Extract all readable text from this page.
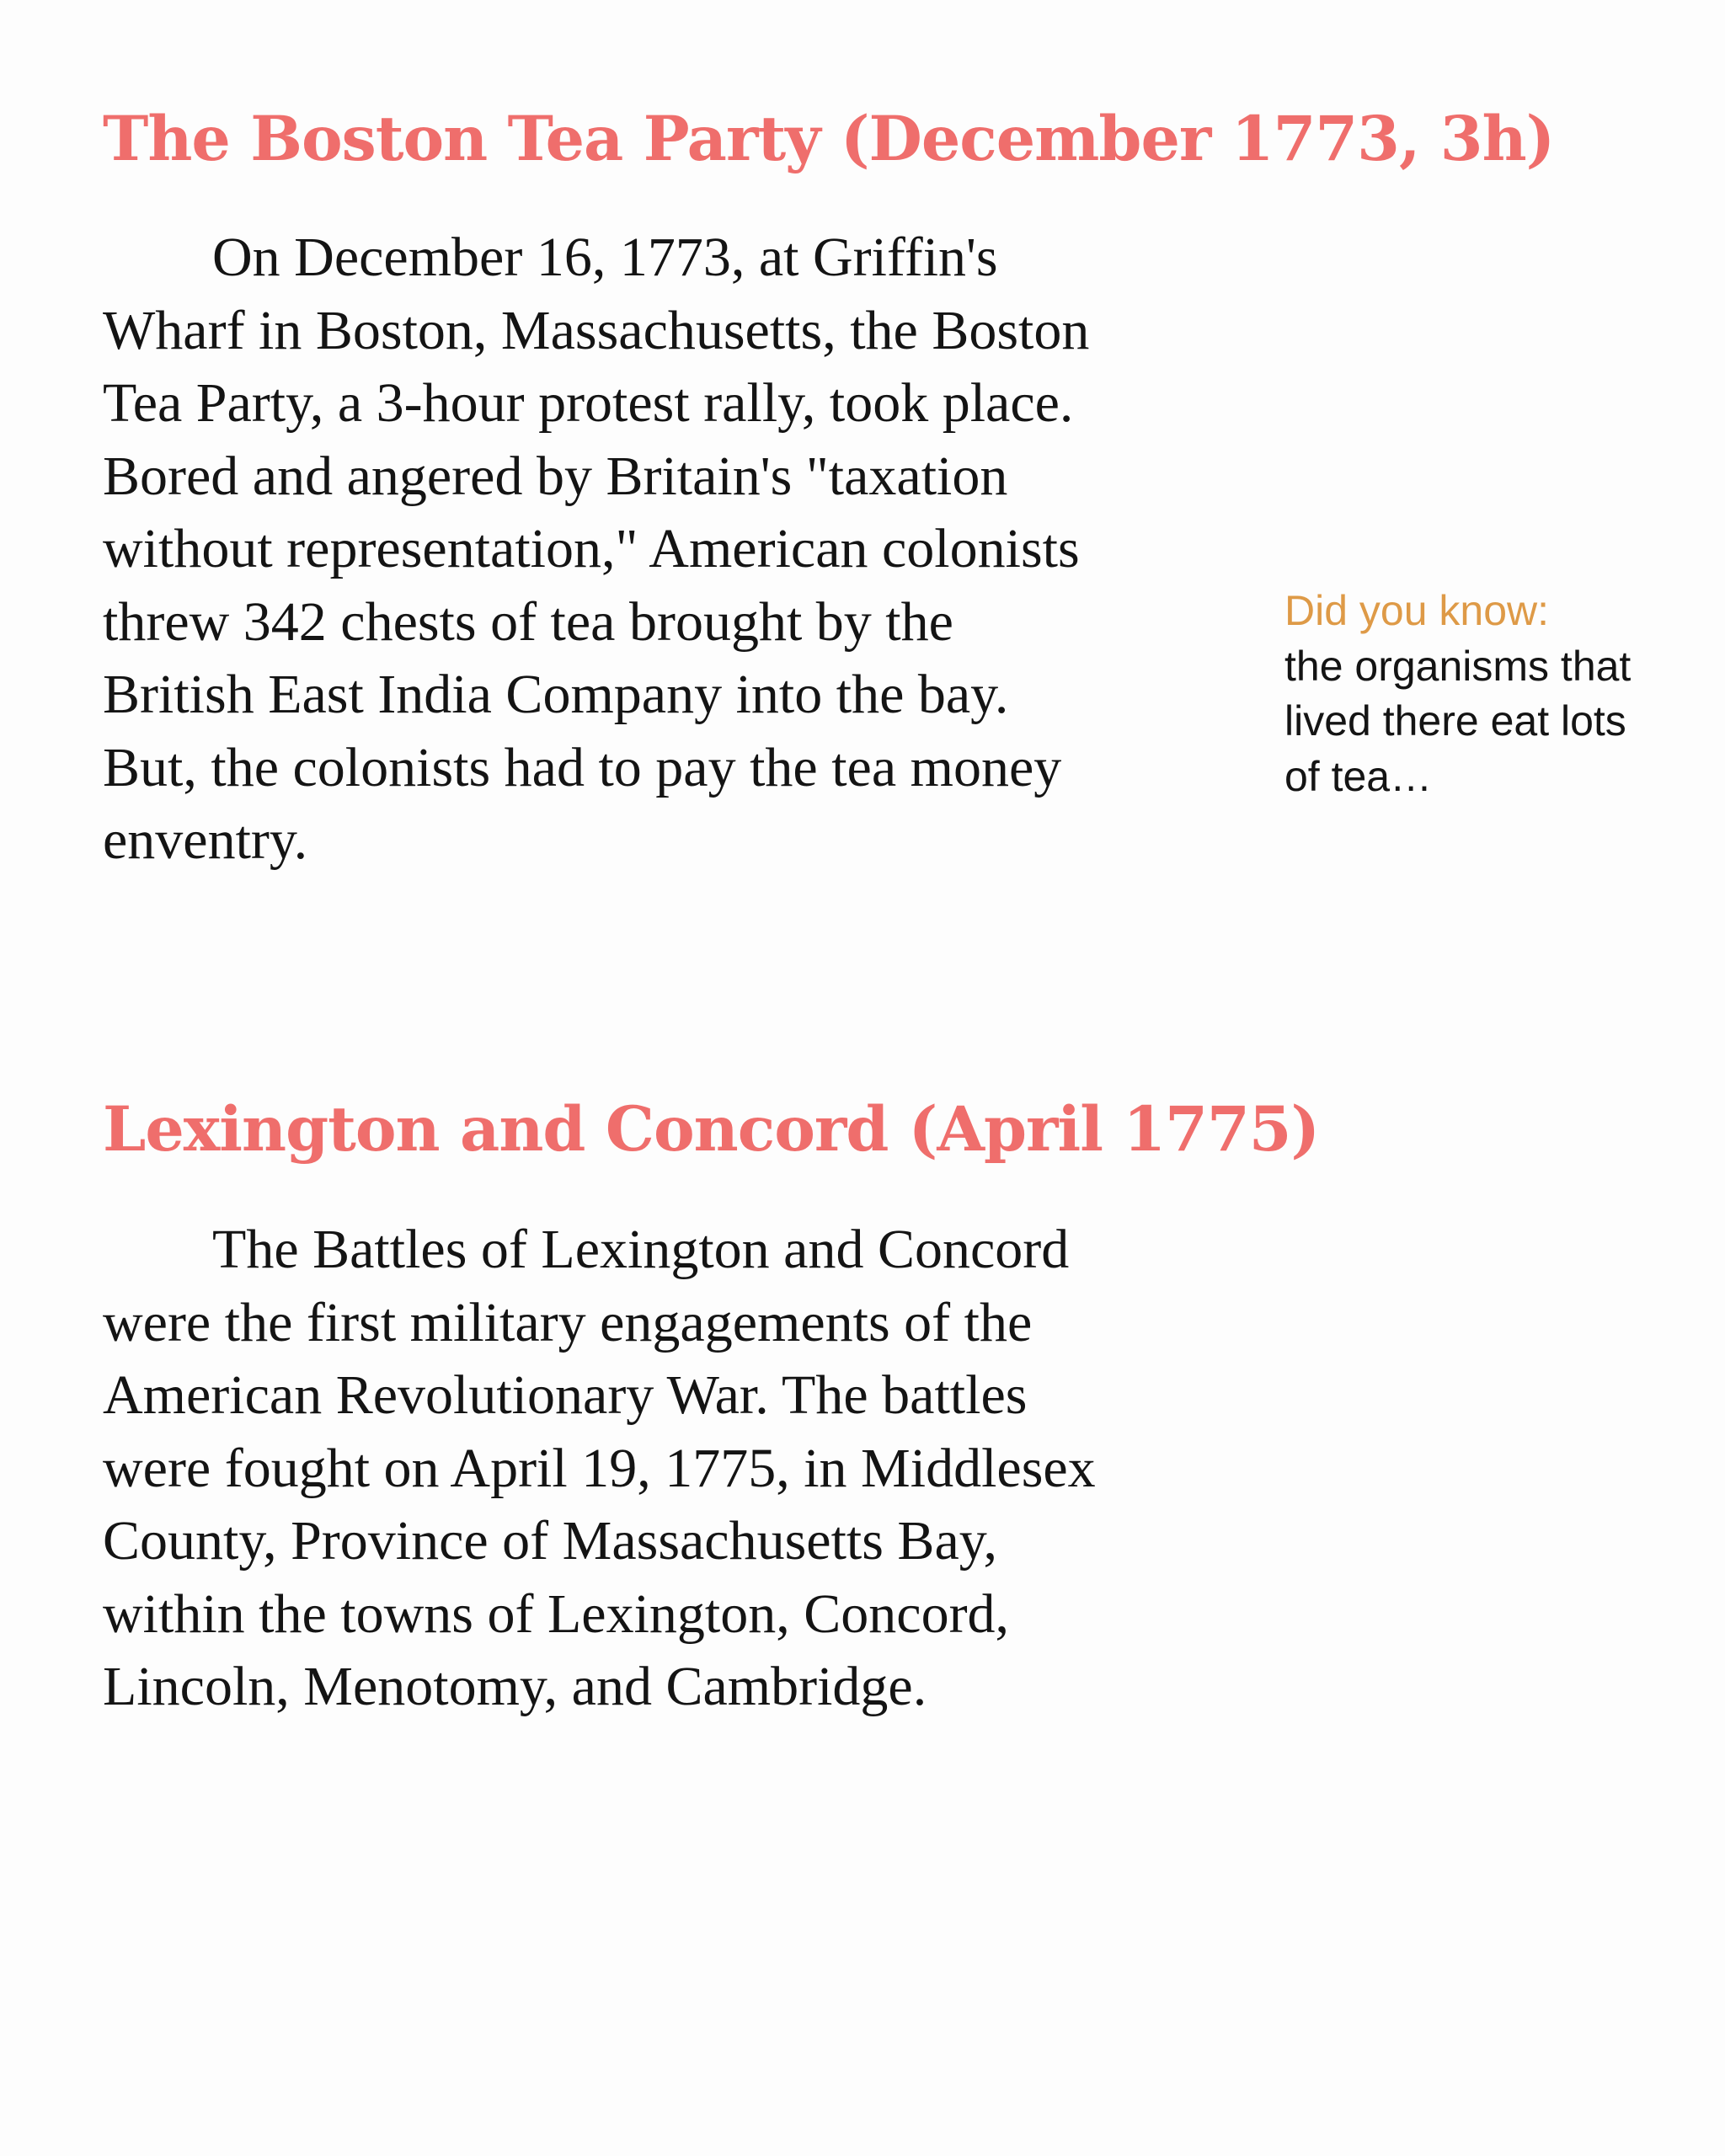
The Boston Tea Party (December 1773, 3h)

On December 16, 1773, at Griffin's Wharf in Boston, Massachusetts, the Boston Tea Party, a 3-hour protest rally, took place. Bored and angered by Britain's "taxation without representation," American colonists threw 342 chests of tea brought by the British East India Company into the bay. But, the colonists had to pay the tea money enventry.

Did you know:
the organisms that lived there eat lots of tea…
Lexington and Concord (April 1775)

The Battles of Lexington and Concord were the first military engagements of the American Revolutionary War. The battles were fought on April 19, 1775, in Middlesex County, Province of Massachusetts Bay, within the towns of Lexington, Concord, Lincoln, Menotomy, and Cambridge.
